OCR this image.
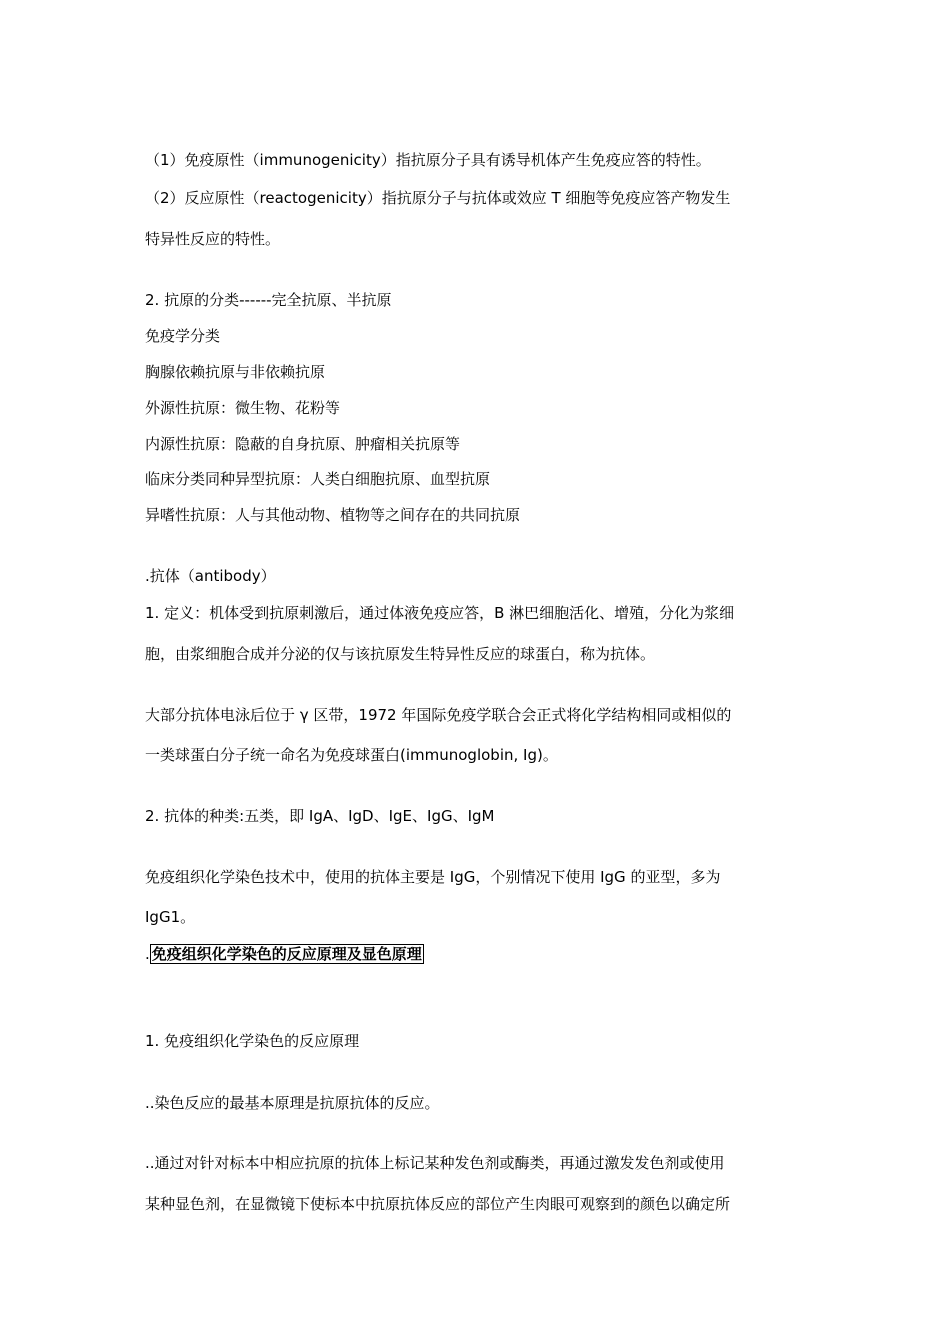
（1）免疫原性（immunogenicity）指抗原分子具有诱导机体产生免疫应答的特性。
（2）反应原性（reactogenicity）指抗原分子与抗体或效应 T 细胞等免疫应答产物发生
特异性反应的特性。
2. 抗原的分类------完全抗原、半抗原
免疫学分类
胸腺依赖抗原与非依赖抗原
外源性抗原：微生物、花粉等
内源性抗原：隐蔽的自身抗原、肿瘤相关抗原等
临床分类同种异型抗原：人类白细胞抗原、血型抗原
异嗜性抗原：人与其他动物、植物等之间存在的共同抗原
.抗体（antibody）
1. 定义：机体受到抗原刺激后，通过体液免疫应答，B 淋巴细胞活化、增殖，分化为浆细
胞，由浆细胞合成并分泌的仅与该抗原发生特异性反应的球蛋白，称为抗体。
大部分抗体电泳后位于 γ 区带，1972 年国际免疫学联合会正式将化学结构相同或相似的
一类球蛋白分子统一命名为免疫球蛋白(immunoglobin, Ig)。
2. 抗体的种类:五类，即 IgA、IgD、IgE、IgG、IgM
免疫组织化学染色技术中，使用的抗体主要是 IgG，个别情况下使用 IgG 的亚型，多为
IgG1。
. 免疫组织化学染色的反应原理及显色原理
1. 免疫组织化学染色的反应原理
..染色反应的最基本原理是抗原抗体的反应。
..通过对针对标本中相应抗原的抗体上标记某种发色剂或酶类，再通过激发发色剂或使用
某种显色剂，在显微镜下使标本中抗原抗体反应的部位产生肉眼可观察到的颜色以确定所
